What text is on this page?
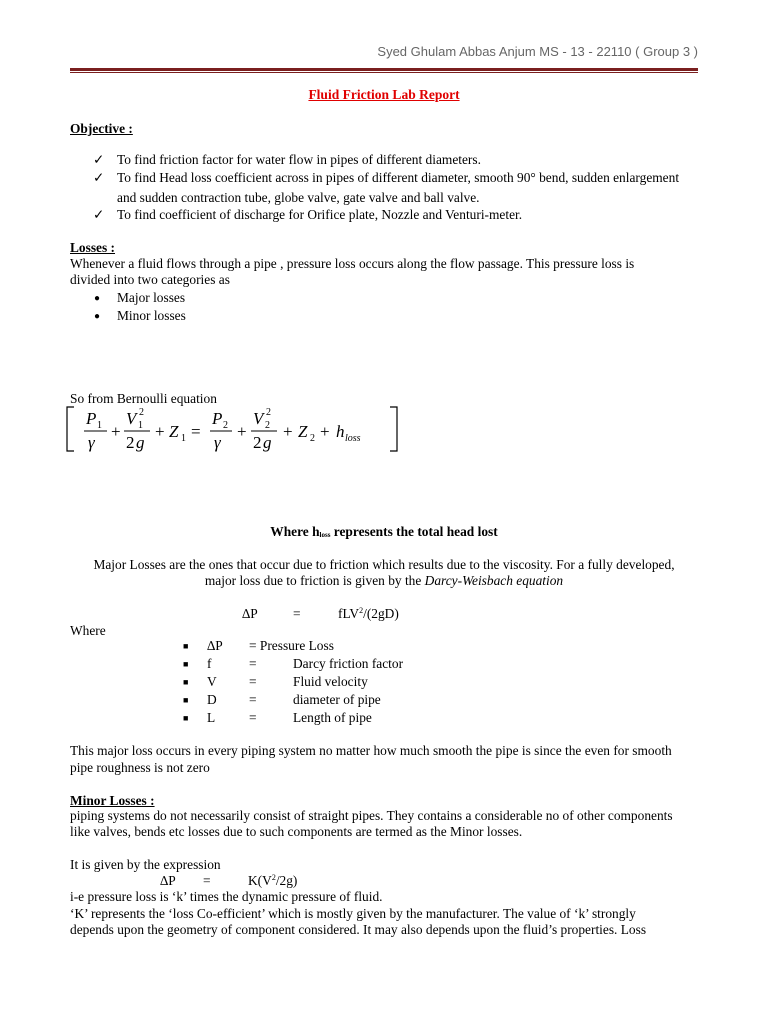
Syed Ghulam Abbas Anjum MS - 13 - 22110 ( Group 3 )
Fluid Friction Lab Report
Objective :
✓ To find friction factor for water flow in pipes of different diameters.
✓ To find Head loss coefficient across in pipes of different diameter, smooth 90° bend, sudden enlargement
and sudden contraction tube, globe valve, gate valve and ball valve.
✓ To find coefficient of discharge for Orifice plate, Nozzle and Venturi-meter.
Losses :
Whenever a fluid flows through a pipe , pressure loss occurs along the flow passage. This pressure loss is
divided into two categories as
● Major losses
● Minor losses
So from Bernoulli equation
P 1
γ
+
V 1
2
2 g
+ Z 1 =
P 2
γ
+
V 2
2
2 g
+ Z 2 + h loss
Where hloss represents the total head lost
Major Losses are the ones that occur due to friction which results due to the viscosity. For a fully developed,
major loss due to friction is given by the Darcy-Weisbach equation
∆P	=	fLV$^2$/(2gD)
Where
■ ∆P = Pressure Loss
■ f	=	Darcy friction factor
■ V =	Fluid velocity
■ D =	diameter of pipe
■ L	=	Length of pipe
This major loss occurs in every piping system no matter how much smooth the pipe is since the even for smooth
pipe roughness is not zero
Minor Losses :
piping systems do not necessarily consist of straight pipes. They contains a considerable no of other components
like valves, bends etc losses due to such components are termed as the Minor losses.
It is given by the expression
∆P =	$K(V^2/2g)$
i-e pressure loss is ‘k’ times the dynamic pressure of fluid.
‘K’ represents the ‘loss Co-efficient’ which is mostly given by the manufacturer. The value of ‘k’ strongly
depends upon the geometry of component considered. It may also depends upon the fluid’s properties. Loss
